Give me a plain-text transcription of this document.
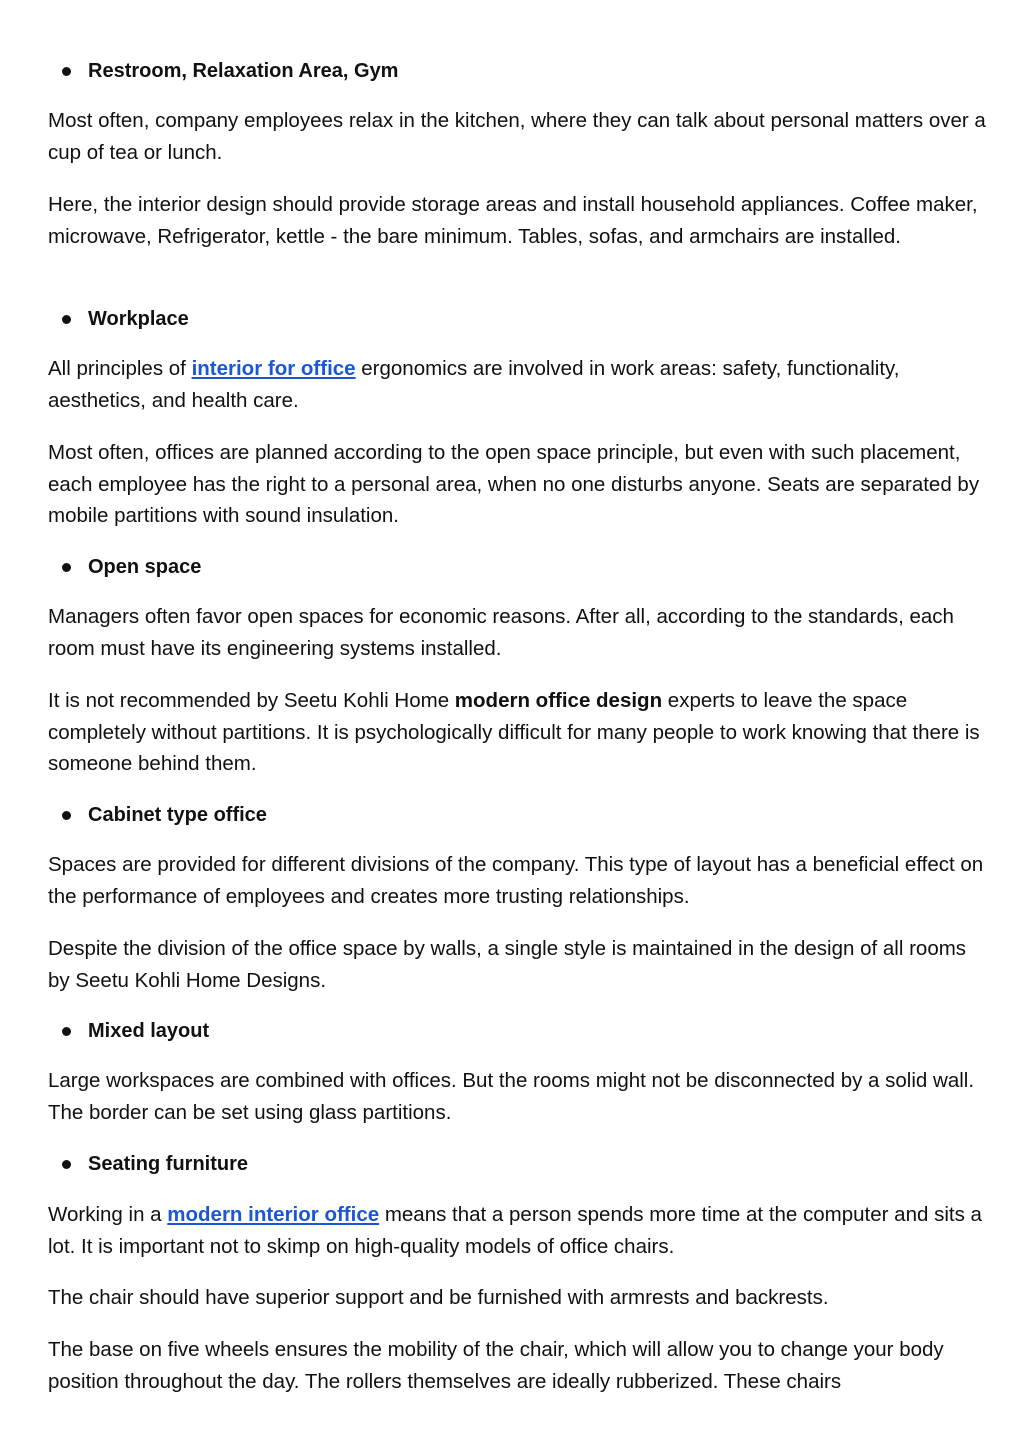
Restroom, Relaxation Area, Gym

Most often, company employees relax in the kitchen, where they can talk about personal matters over a cup of tea or lunch.

Here, the interior design should provide storage areas and install household appliances. Coffee maker, microwave, Refrigerator, kettle - the bare minimum. Tables, sofas, and armchairs are installed.

Workplace

All principles of interior for office ergonomics are involved in work areas: safety, functionality, aesthetics, and health care.

Most often, offices are planned according to the open space principle, but even with such placement, each employee has the right to a personal area, when no one disturbs anyone. Seats are separated by mobile partitions with sound insulation.

Open space

Managers often favor open spaces for economic reasons. After all, according to the standards, each room must have its engineering systems installed.

It is not recommended by Seetu Kohli Home modern office design experts to leave the space completely without partitions. It is psychologically difficult for many people to work knowing that there is someone behind them.

Cabinet type office

Spaces are provided for different divisions of the company. This type of layout has a beneficial effect on the performance of employees and creates more trusting relationships.

Despite the division of the office space by walls, a single style is maintained in the design of all rooms by Seetu Kohli Home Designs.

Mixed layout

Large workspaces are combined with offices. But the rooms might not be disconnected by a solid wall. The border can be set using glass partitions.

Seating furniture

Working in a modern interior office means that a person spends more time at the computer and sits a lot. It is important not to skimp on high-quality models of office chairs.

The chair should have superior support and be furnished with armrests and backrests.

The base on five wheels ensures the mobility of the chair, which will allow you to change your body position throughout the day. The rollers themselves are ideally rubberized. These chairs
